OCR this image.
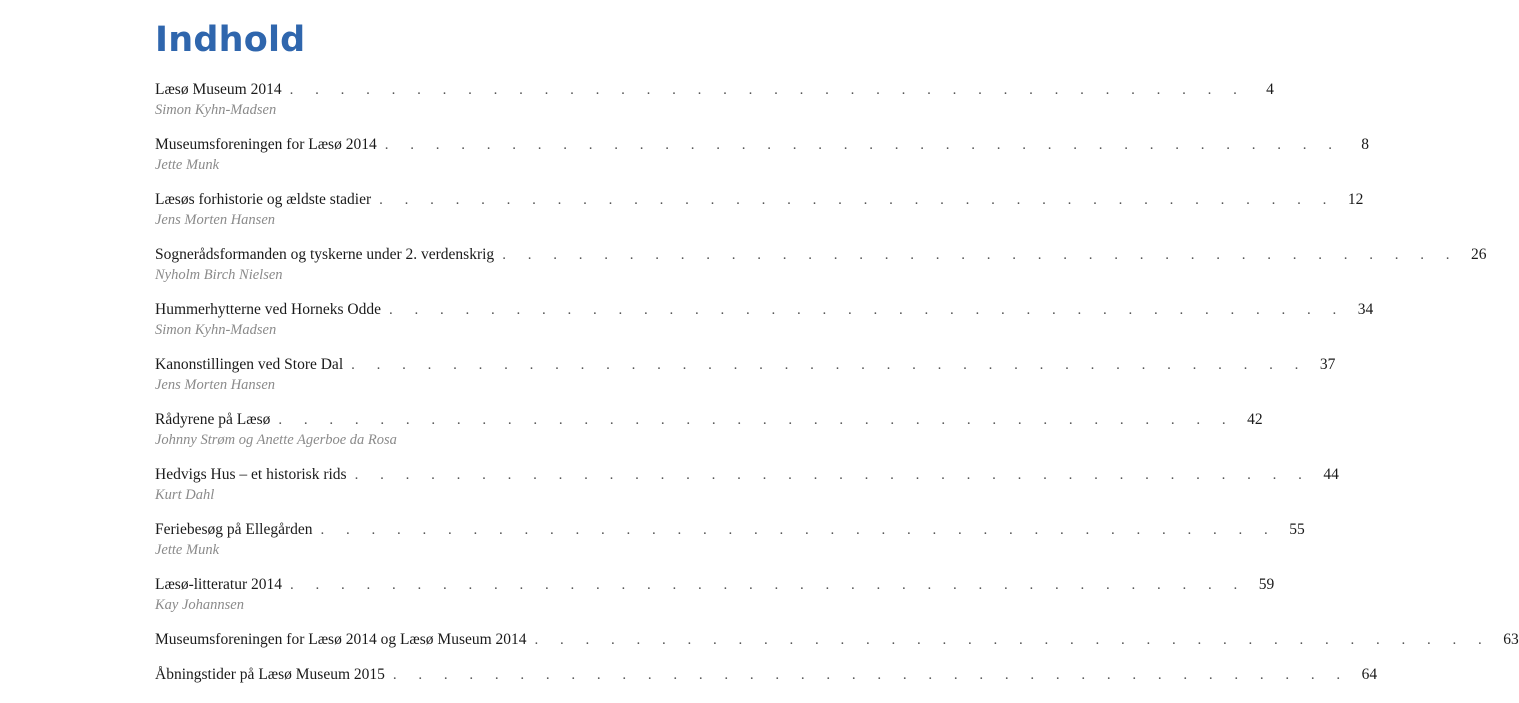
Indhold
Læsø Museum 2014 . . . . . . . . . . . . . . . . . . . . . . . . . . . . . . . . . . . . . .	4
Simon Kyhn-Madsen
Museumsforeningen for Læsø 2014 . . . . . . . . . . . . . . . . . . . . . . . . . . . . . . . . . . . . . .	8
Jette Munk
Læsøs forhistorie og ældste stadier . . . . . . . . . . . . . . . . . . . . . . . . . . . . . . . . . . . . . . 12
Jens Morten Hansen
Sognerådsformanden og tyskerne under 2. verdenskrig . . . . . . . . . . . . . . . . . . . . . . . . . . . . . . . . . . . . . . 26
Nyholm Birch Nielsen
Hummerhytterne ved Horneks Odde . . . . . . . . . . . . . . . . . . . . . . . . . . . . . . . . . . . . . . 34
Simon Kyhn-Madsen
Kanonstillingen ved Store Dal . . . . . . . . . . . . . . . . . . . . . . . . . . . . . . . . . . . . . . 37
Jens Morten Hansen
Rådyrene på Læsø . . . . . . . . . . . . . . . . . . . . . . . . . . . . . . . . . . . . . . 42
Johnny Strøm og Anette Agerboe da Rosa
Hedvigs Hus – et historisk rids . . . . . . . . . . . . . . . . . . . . . . . . . . . . . . . . . . . . . . 44
Kurt Dahl
Feriebesøg på Ellegården . . . . . . . . . . . . . . . . . . . . . . . . . . . . . . . . . . . . . . 55
Jette Munk
Læsø-litteratur 2014 . . . . . . . . . . . . . . . . . . . . . . . . . . . . . . . . . . . . . . 59
Kay Johannsen
Museumsforeningen for Læsø 2014 og Læsø Museum 2014 . . . . . . . . . . . . . . . . . . . . . . . . . . . . . . . . . . . . . . 63
Åbningstider på Læsø Museum 2015 . . . . . . . . . . . . . . . . . . . . . . . . . . . . . . . . . . . . . . 64
